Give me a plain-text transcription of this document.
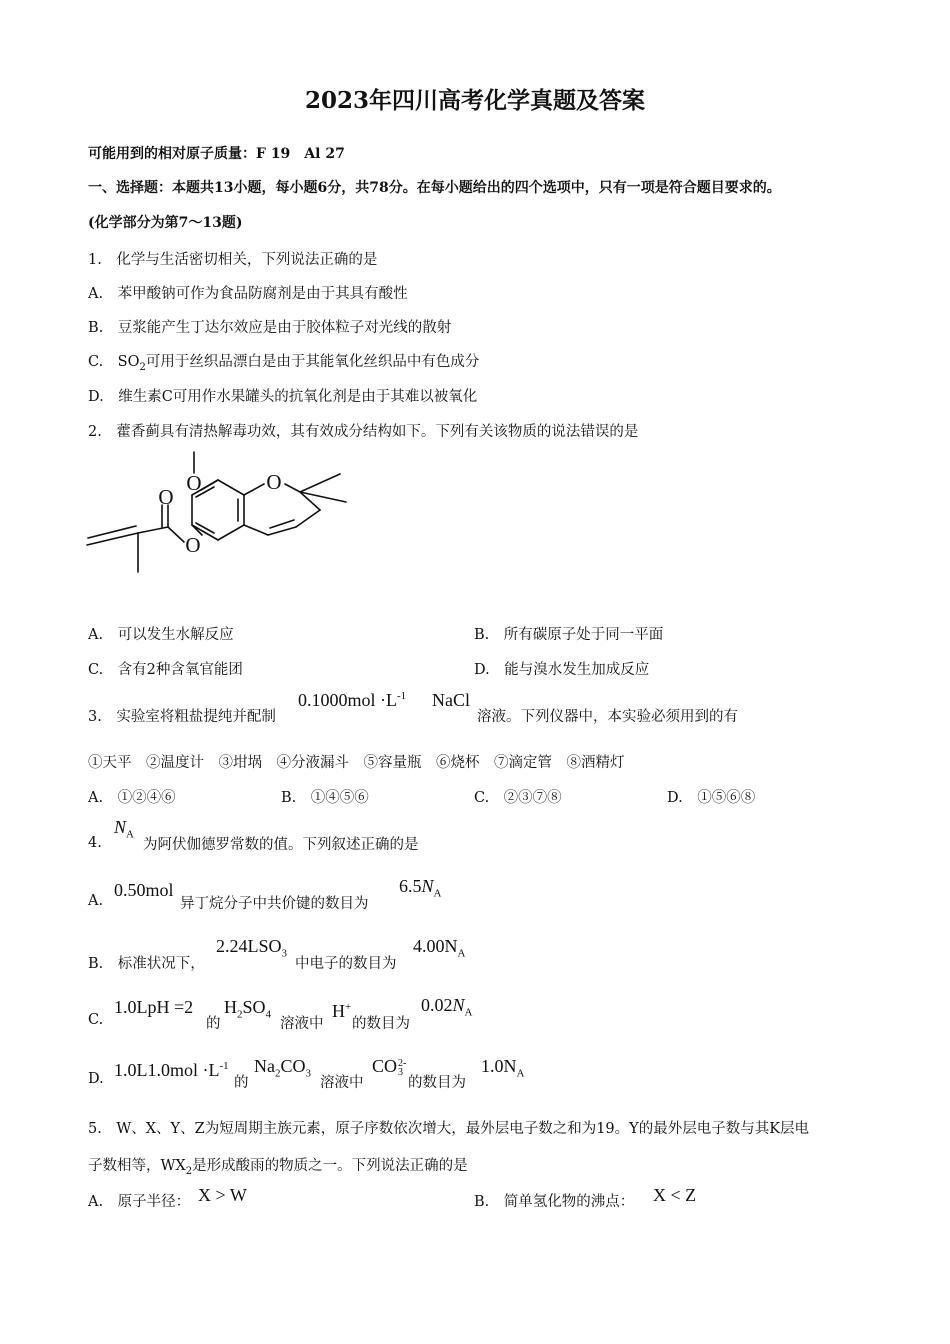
2023年四川高考化学真题及答案
可能用到的相对原子质量：F 19　Al 27
一、选择题：本题共13小题，每小题6分，共78分。在每小题给出的四个选项中，只有一项是符合题目要求的。
(化学部分为第7～13题)
1.　化学与生活密切相关，下列说法正确的是
A.　苯甲酸钠可作为食品防腐剂是由于其具有酸性
B.　豆浆能产生丁达尔效应是由于胶体粒子对光线的散射
C.　$SO_2$可用于丝织品漂白是由于其能氧化丝织品中有色成分
D.　维生素C可用作水果罐头的抗氧化剂是由于其难以被氧化
2.　藿香蓟具有清热解毒功效，其有效成分结构如下。下列有关该物质的说法错误的是
O	O
O
O
A.　可以发生水解反应	B.　所有碳原子处于同一平面
C.　含有2种含氧官能团	D.　能与溴水发生加成反应
3.　实验室将粗盐提纯并配制
$0.1000mol \cdot L^{-1}$ NaCl
溶液。下列仪器中，本实验必须用到的有
①天平　②温度计　③坩埚　④分液漏斗　⑤容量瓶　⑥烧杯　⑦滴定管　⑧酒精灯
A.　①②④⑥	B.　①④⑤⑥	C.　②③⑦⑧	D.　①⑤⑥⑧
4.
$N_A$
为阿伏伽德罗常数的值。下列叙述正确的是
A.
0.50mol
异丁烷分子中共价键的数目为
$6.5N_A$
B.　标准状况下，
$2.24LSO_3$
中电子的数目为
$4.00N_A$
C.
1.0LpH =2
的
$H_2SO_4$
溶液中
H+
的数目为
$0.02N_A$
D. $1.0L1.0mol \cdot L^{-1}$
的
$Na_2CO_3$
溶液中
CO 2-
3
的数目为
$1.0N_A$
5.　W、X、Y、Z为短周期主族元素，原子序数依次增大，最外层电子数之和为19。Y的最外层电子数与其K层电
子数相等，$WX_2$是形成酸雨的物质之一。下列说法正确的是
A.　原子半径： X > W	B.　简单氢化物的沸点： X < Z
